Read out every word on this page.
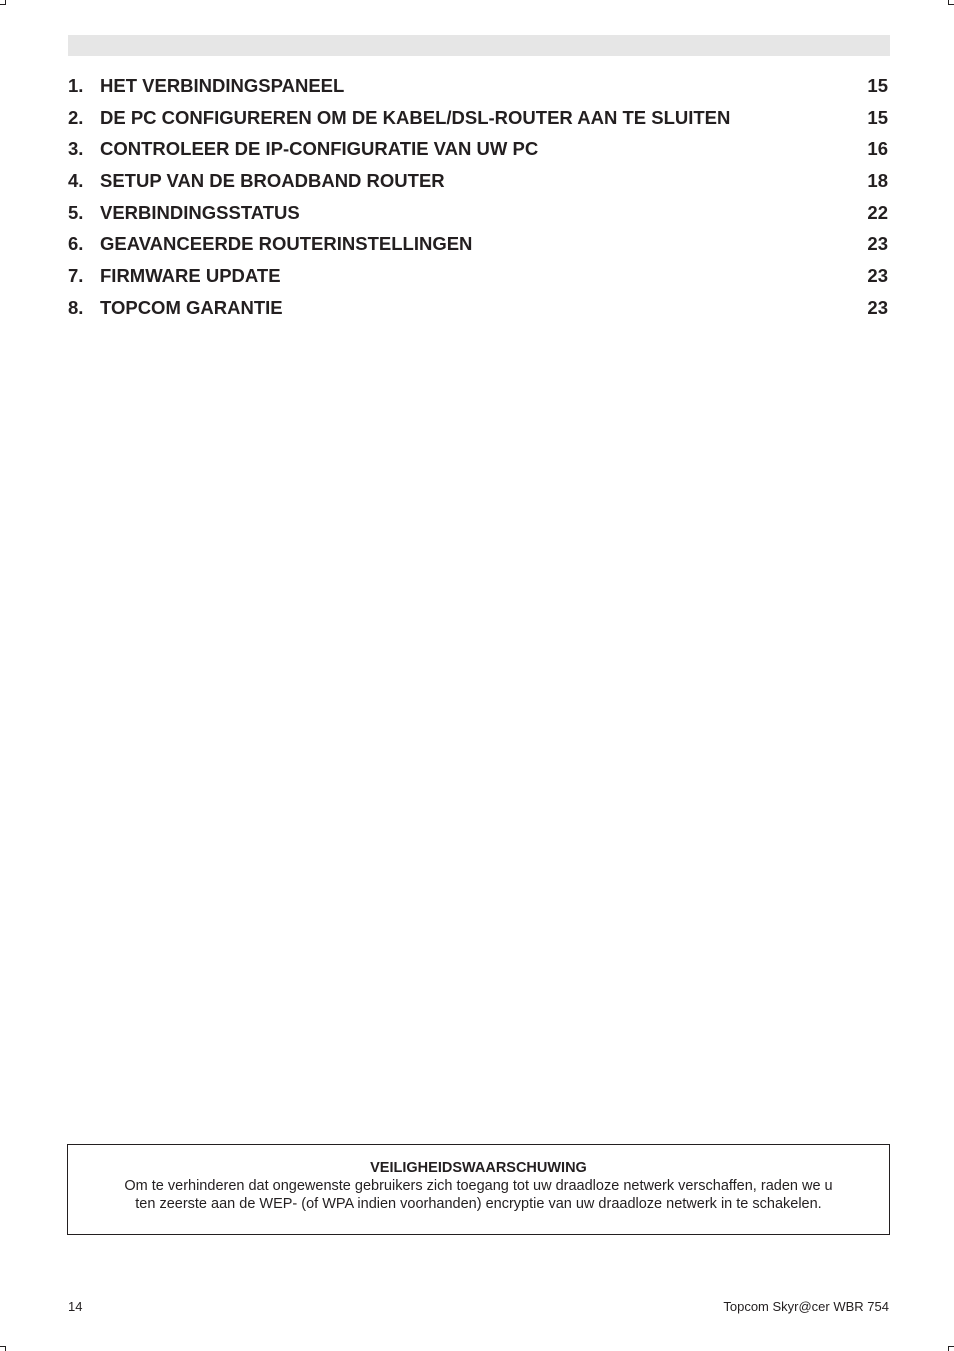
1. HET VERBINDINGSPANEEL	15
2. DE PC CONFIGUREREN OM DE KABEL/DSL-ROUTER AAN TE SLUITEN	15
3. CONTROLEER DE IP-CONFIGURATIE VAN UW PC	16
4. SETUP VAN DE BROADBAND ROUTER	18
5. VERBINDINGSSTATUS	22
6. GEAVANCEERDE ROUTERINSTELLINGEN	23
7. FIRMWARE UPDATE	23
8. TOPCOM GARANTIE	23
VEILIGHEIDSWAARSCHUWING
Om te verhinderen dat ongewenste gebruikers zich toegang tot uw draadloze netwerk verschaffen, raden we u
ten zeerste aan de WEP- (of WPA indien voorhanden) encryptie van uw draadloze netwerk in te schakelen.
14	Topcom Skyr@cer WBR 754
